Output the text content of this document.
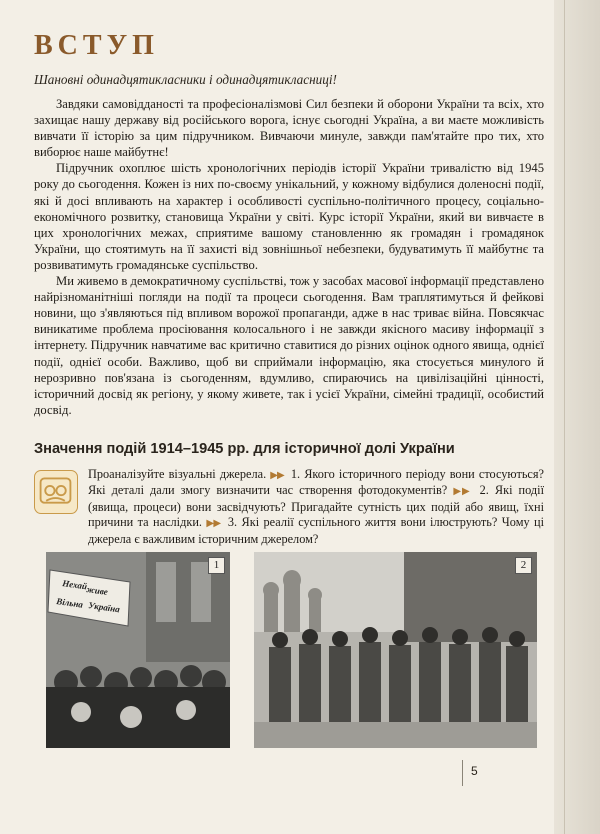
ВСТУП
Шановні одинадцятикласники і одинадцятикласниці!

Завдяки самовідданості та професіоналізмові Сил безпеки й оборони України та всіх, хто захищає нашу державу від російського ворога, існує сьогодні Україна, а ви маєте можливість вивчати її історію за цим підручником. Вивчаючи минуле, завжди пам'ятайте про тих, хто виборює наше майбутнє!

Підручник охоплює шість хронологічних періодів історії України тривалістю від 1945 року до сьогодення. Кожен із них по-своєму унікальний, у кожному відбулися доленосні події, які й досі впливають на характер і особливості суспільно-політичного процесу, соціально-економічного розвитку, становища України у світі. Курс історії України, який ви вивчаєте в цих хронологічних межах, сприятиме вашому становленню як громадян і громадянок України, що стоятимуть на її захисті від зовнішньої небезпеки, будуватимуть її майбутнє та розвиватимуть громадянське суспільство.

Ми живемо в демократичному суспільстві, тож у засобах масової інформації представлено найрізноманітніші погляди на події та процеси сьогодення. Вам траплятимуться й фейкові новини, що з'являються під впливом ворожої пропаганди, адже в нас триває війна. Повсякчас виникатиме проблема просіювання колосального і не завжди якісного масиву інформації з інтернету. Підручник навчатиме вас критично ставитися до різних оцінок одного явища, однієї події, однієї особи. Важливо, щоб ви сприймали інформацію, яка стосується минулого й нерозривно пов'язана із сьогоденням, вдумливо, спираючись на цивілізаційні цінності, історичний досвід як регіону, у якому живете, так і усієї України, сімейні традиції, особистий досвід.

Значення подій 1914–1945 рр. для історичної долі України
Проаналізуйте візуальні джерела. ▶▶ 1. Якого історичного періоду вони стосуються? Які деталі дали змогу визначити час створення фотодокументів? ▶▶ 2. Які події (явища, процеси) вони засвідчують? Пригадайте сутність цих подій або явищ, їхні причини та наслідки. ▶▶ 3. Які реалії суспільного життя вони ілюструють? Чому ці джерела є важливим історичним джерелом?
Нехай
живе
Вільна Україна
1	2
5
